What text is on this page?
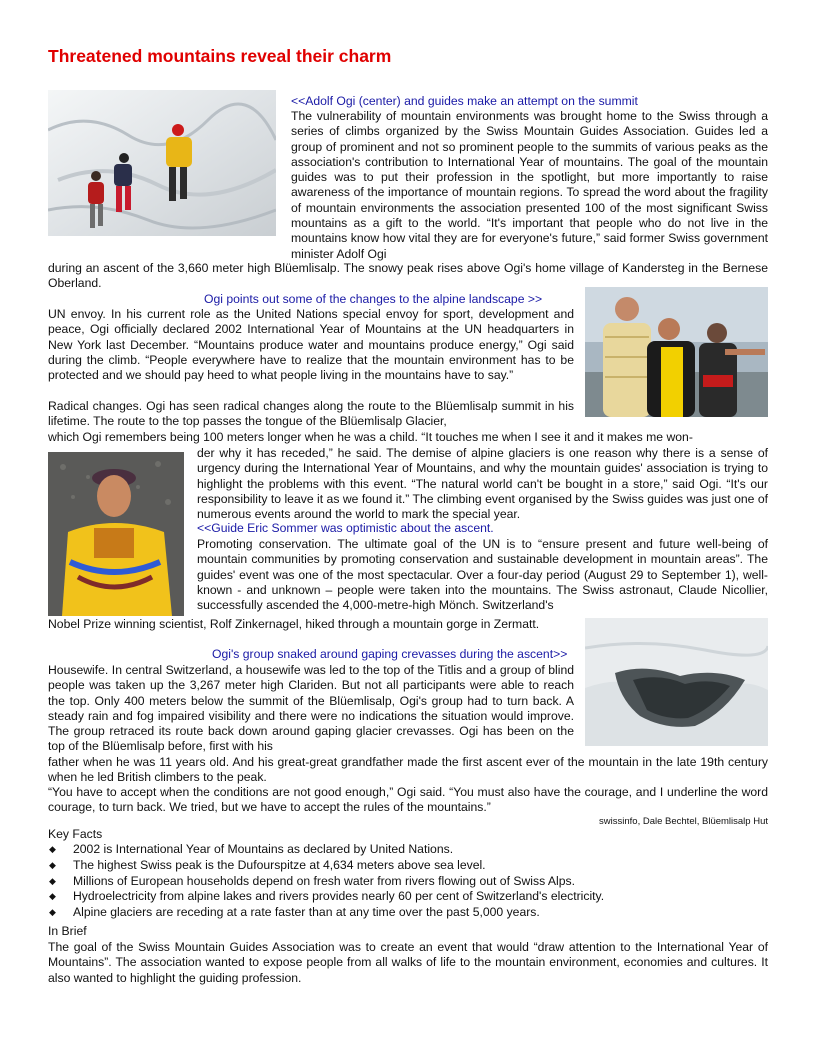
Threatened mountains reveal their charm
<<Adolf Ogi (center) and guides make an attempt on the summit

The vulnerability of mountain environments was brought home to the Swiss through a series of climbs organized by the Swiss Mountain Guides Association. Guides led a group of prominent and not so prominent people to the summits of various peaks as the association's contribution to International Year of mountains. The goal of the mountain guides was to put their profession in the spotlight, but more importantly to raise awareness of the importance of mountain regions. To spread the word about the fragility of mountain environments the association presented 100 of the most significant Swiss mountains as a gift to the world. “It's important that people who do not live in the mountains know how vital they are for everyone's future,” said former Swiss government minister Adolf Ogi

during an ascent of the 3,660 meter high Blüemlisalp. The snowy peak rises above Ogi's home village of Kandersteg in the Bernese Oberland.

Ogi points out some of the changes to the alpine landscape >>

UN envoy. In his current role as the United Nations special envoy for sport, development and peace, Ogi officially declared 2002 International Year of Mountains at the UN headquarters in New York last December. “Mountains produce water and mountains produce energy,” Ogi said during the climb. “People everywhere have to realize that the mountain environment has to be protected and we should pay heed to what people living in the mountains have to say.”

Radical changes. Ogi has seen radical changes along the route to the Blüemlisalp summit in his lifetime. The route to the top passes the tongue of the Blüemlisalp Glacier,

which Ogi remembers being 100 meters longer when he was a child. “It touches me when I see it and it makes me won-

der why it has receded,” he said. The demise of alpine glaciers is one reason why there is a sense of urgency during the International Year of Mountains, and why the mountain guides' association is trying to highlight the problems with this event. “The natural world can't be bought in a store,” said Ogi. “It's our responsibility to leave it as we found it.” The climbing event organised by the Swiss guides was just one of numerous events around the world to mark the special year.

<<Guide Eric Sommer was optimistic about the ascent.

Promoting conservation. The ultimate goal of the UN is to “ensure present and future well-being of mountain communities by promoting conservation and sustainable development in mountain areas”. The guides' event was one of the most spectacular. Over a four-day period (August 29 to September 1), well-known - and unknown – people were taken into the mountains. The Swiss astronaut, Claude Nicollier, successfully ascended the 4,000-metre-high Mönch. Switzerland's

Nobel Prize winning scientist, Rolf Zinkernagel, hiked through a mountain gorge in Zermatt.

Ogi's group snaked around gaping crevasses during the ascent>>

Housewife. In central Switzerland, a housewife was led to the top of the Titlis and a group of blind people was taken up the 3,267 meter high Clariden. But not all participants were able to reach the top. Only 400 meters below the summit of the Blüemlisalp, Ogi's group had to turn back. A steady rain and fog impaired visibility and there were no indications the situation would improve. The group retraced its route back down around gaping glacier crevasses. Ogi has been on the top of the Blüemlisalp before, first with his

father when he was 11 years old. And his great-great grandfather made the first ascent ever of the mountain in the late 19th century when he led British climbers to the peak.

“You have to accept when the conditions are not good enough,” Ogi said. “You must also have the courage, and I underline the word courage, to turn back. We tried, but we have to accept the rules of the mountains.”

swissinfo, Dale Bechtel, Blüemlisalp Hut
Key Facts
◆ 2002 is International Year of Mountains as declared by United Nations.
◆ The highest Swiss peak is the Dufourspitze at 4,634 meters above sea level.
◆ Millions of European households depend on fresh water from rivers flowing out of Swiss Alps.
◆ Hydroelectricity from alpine lakes and rivers provides nearly 60 per cent of Switzerland's electricity.
◆ Alpine glaciers are receding at a rate faster than at any time over the past 5,000 years.
In Brief

The goal of the Swiss Mountain Guides Association was to create an event that would “draw attention to the International Year of Mountains”. The association wanted to expose people from all walks of life to the mountain environment, economies and cultures. It also wanted to highlight the guiding profession.
